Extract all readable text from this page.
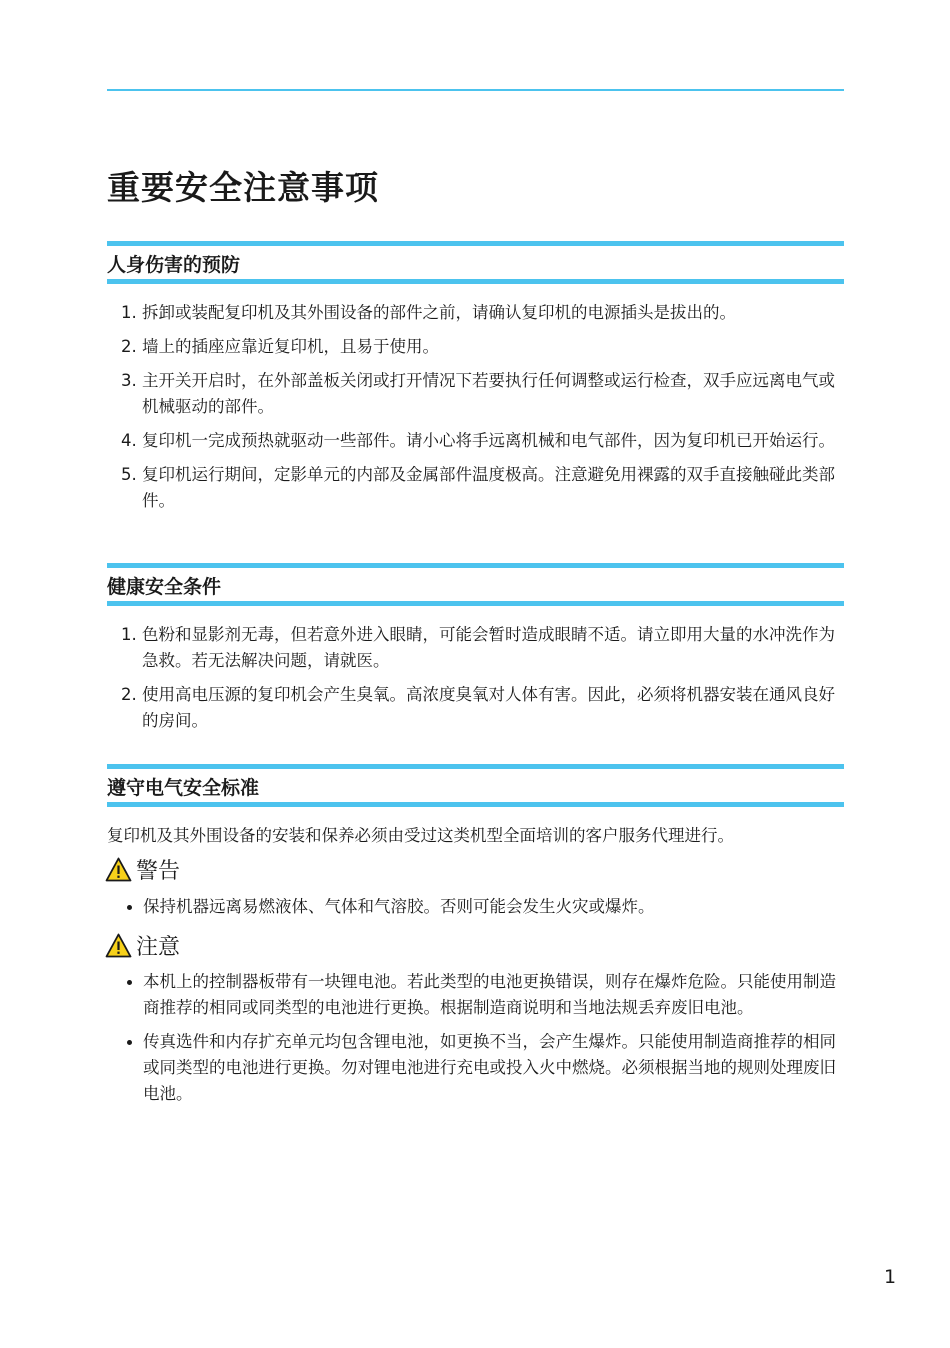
重要安全注意事项
人身伤害的预防
1. 拆卸或装配复印机及其外围设备的部件之前，请确认复印机的电源插头是拔出的。
2. 墙上的插座应靠近复印机，且易于使用。
3. 主开关开启时，在外部盖板关闭或打开情况下若要执行任何调整或运行检查，双手应远离电气或机械驱动的部件。
4. 复印机一完成预热就驱动一些部件。请小心将手远离机械和电气部件，因为复印机已开始运行。
5. 复印机运行期间，定影单元的内部及金属部件温度极高。注意避免用裸露的双手直接触碰此类部件。
健康安全条件
1. 色粉和显影剂无毒，但若意外进入眼睛，可能会暂时造成眼睛不适。请立即用大量的水冲洗作为急救。若无法解决问题，请就医。
2. 使用高电压源的复印机会产生臭氧。高浓度臭氧对人体有害。因此，必须将机器安装在通风良好的房间。
遵守电气安全标准

复印机及其外围设备的安装和保养必须由受过这类机型全面培训的客户服务代理进行。

警告
保持机器远离易燃液体、气体和气溶胶。否则可能会发生火灾或爆炸。
注意
本机上的控制器板带有一块锂电池。若此类型的电池更换错误，则存在爆炸危险。只能使用制造商推荐的相同或同类型的电池进行更换。根据制造商说明和当地法规丢弃废旧电池。
传真选件和内存扩充单元均包含锂电池，如更换不当，会产生爆炸。只能使用制造商推荐的相同或同类型的电池进行更换。勿对锂电池进行充电或投入火中燃烧。必须根据当地的规则处理废旧电池。
1
